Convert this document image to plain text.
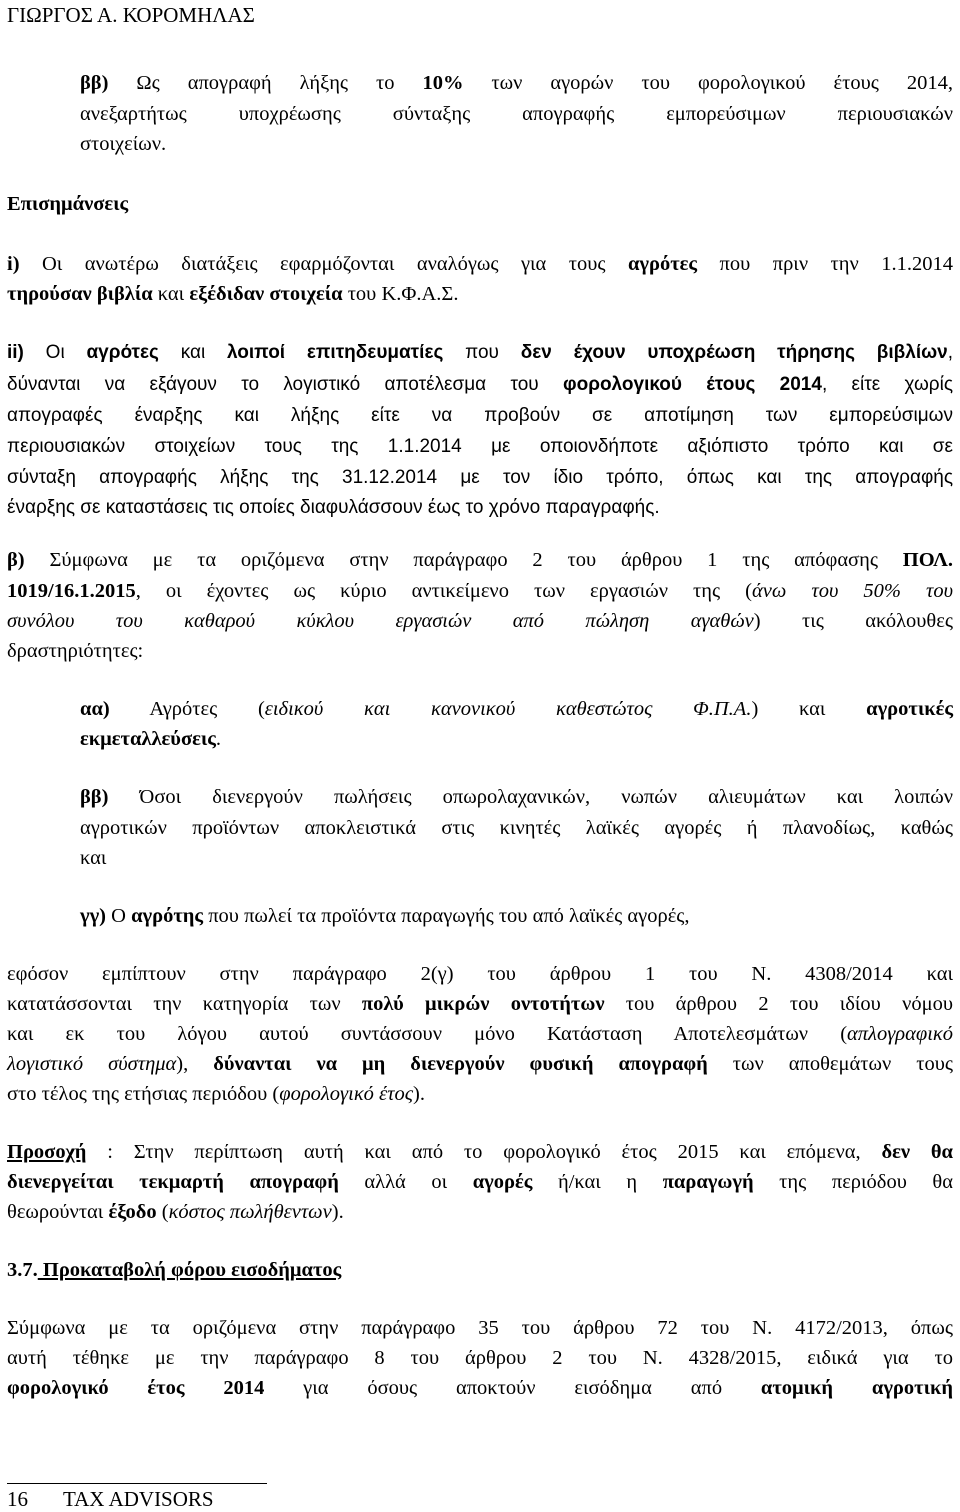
ΓΙΩΡΓΟΣ Α. ΚΟΡΟΜΗΛΑΣ
ββ) Ως απογραφή λήξης το 10% των αγορών του φορολογικού έτους 2014,
ανεξαρτήτως υποχρέωσης σύνταξης απογραφής εμπορεύσιμων περιουσιακών
στοιχείων.
Επισημάνσεις
i) Οι ανωτέρω διατάξεις εφαρμόζονται αναλόγως για τους αγρότες που πριν την 1.1.2014
τηρούσαν βιβλία και εξέδιδαν στοιχεία του Κ.Φ.Α.Σ.
ii) Οι αγρότες και λοιποί επιτηδευματίες που δεν έχουν υποχρέωση τήρησης βιβλίων,
δύνανται να εξάγουν το λογιστικό αποτέλεσμα του φορολογικού έτους 2014, είτε χωρίς
απογραφές έναρξης και λήξης είτε να προβούν σε αποτίμηση των εμπορεύσιμων
περιουσιακών στοιχείων τους της 1.1.2014 με οποιονδήποτε αξιόπιστο τρόπο και σε
σύνταξη απογραφής λήξης της 31.12.2014 με τον ίδιο τρόπο, όπως και της απογραφής
έναρξης σε καταστάσεις τις οποίες διαφυλάσσουν έως το χρόνο παραγραφής.
β) Σύμφωνα με τα οριζόμενα στην παράγραφο 2 του άρθρου 1 της απόφασης ΠΟΛ.
1019/16.1.2015, οι έχοντες ως κύριο αντικείμενο των εργασιών της (άνω του 50% του
συνόλου του καθαρού κύκλου εργασιών από πώληση αγαθών) τις ακόλουθες
δραστηριότητες:
αα) Αγρότες (ειδικού και κανονικού καθεστώτος Φ.Π.Α.) και αγροτικές
εκμεταλλεύσεις.
ββ) Όσοι διενεργούν πωλήσεις οπωρολαχανικών, νωπών αλιευμάτων και λοιπών
αγροτικών προϊόντων αποκλειστικά στις κινητές λαϊκές αγορές ή πλανοδίως, καθώς
και
γγ) Ο αγρότης που πωλεί τα προϊόντα παραγωγής του από λαϊκές αγορές,
εφόσον εμπίπτουν στην παράγραφο 2(γ) του άρθρου 1 του Ν. 4308/2014 και
κατατάσσονται την κατηγορία των πολύ μικρών οντοτήτων του άρθρου 2 του ιδίου νόμου
και εκ του λόγου αυτού συντάσσουν μόνο Κατάσταση Αποτελεσμάτων (απλογραφικό
λογιστικό σύστημα), δύνανται να μη διενεργούν φυσική απογραφή των αποθεμάτων τους
στο τέλος της ετήσιας περιόδου (φορολογικό έτος).
Προσοχή : Στην περίπτωση αυτή και από το φορολογικό έτος 2015 και επόμενα, δεν θα
διενεργείται τεκμαρτή απογραφή αλλά οι αγορές ή/και η παραγωγή της περιόδου θα
θεωρούνται έξοδο (κόστος πωλήθεντων).
3.7. Προκαταβολή φόρου εισοδήματος
Σύμφωνα με τα οριζόμενα στην παράγραφο 35 του άρθρου 72 του Ν. 4172/2013, όπως
αυτή τέθηκε με την παράγραφο 8 του άρθρου 2 του Ν. 4328/2015, ειδικά για το
φορολογικό έτος 2014 για όσους αποκτούν εισόδημα από ατομική αγροτική
16 TAX ADVISORS
